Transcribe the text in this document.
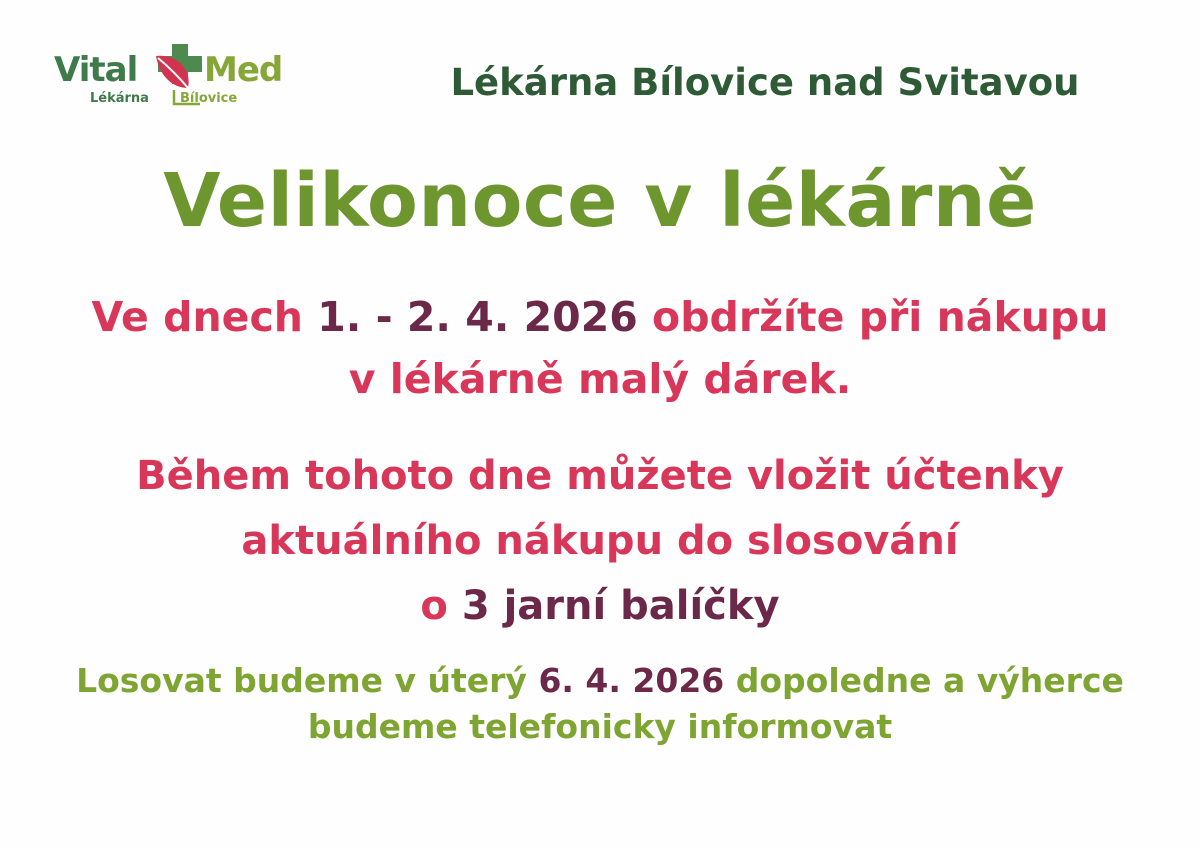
Vital Med
Lékárna Bílovice	Lékárna Bílovice nad Svitavou
Velikonoce v lékárně
Ve dnech 1. - 2. 4. 2026 obdržíte při nákupu
v lékárně malý dárek.
Během tohoto dne můžete vložit účtenky
aktuálního nákupu do slosování
o 3 jarní balíčky
Losovat budeme v úterý 6. 4. 2026 dopoledne a výherce
budeme telefonicky informovat
